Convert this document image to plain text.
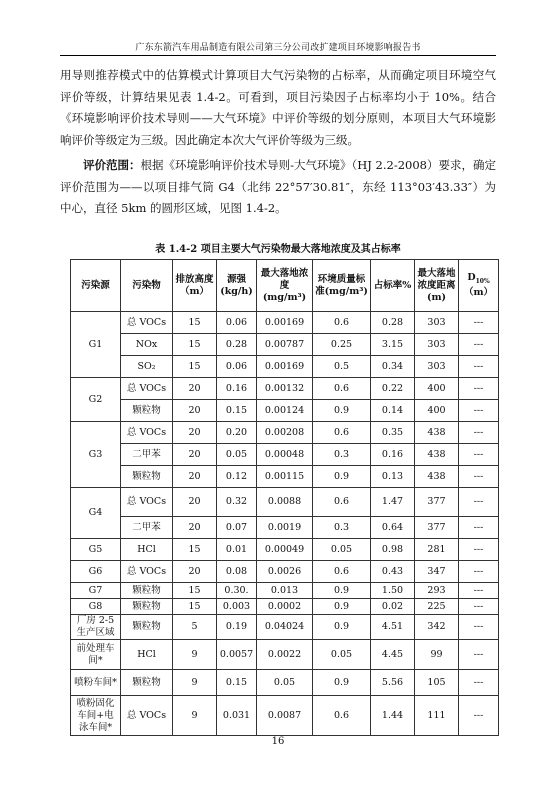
广东东箭汽车用品制造有限公司第三分公司改扩建项目环境影响报告书
用导则推荐模式中的估算模式计算项目大气污染物的占标率，从而确定项目环境空气评价等级，计算结果见表 1.4-2。可看到，项目污染因子占标率均小于 10%。结合《环境影响评价技术导则——大气环境》中评价等级的划分原则，本项目大气环境影响评价等级定为三级。因此确定本次大气评价等级为三级。
评价范围：根据《环境影响评价技术导则-大气环境》（HJ 2.2-2008）要求，确定评价范围为——以项目排气筒 G4（北纬 22°57′30.81″，东经 113°03′43.33″）为中心，直径 5km 的圆形区域，见图 1.4-2。
表 1.4-2 项目主要大气污染物最大落地浓度及其占标率
污染源	污染物	排放高度（m）	源强(kg/h)	最大落地浓度(mg/m³)	环境质量标准(mg/m³)	占标率%	最大落地浓度距离(m)	$D_{10\%}$
（m）
G1	总 VOCs	15	0.06	0.00169	0.6	0.28	303	---
	NOx	15	0.28	0.00787	0.25	3.15	303	---
	SO₂	15	0.06	0.00169	0.5	0.34	303	---
G2	总 VOCs	20	0.16	0.00132	0.6	0.22	400	---
	颗粒物	20	0.15	0.00124	0.9	0.14	400	---
G3	总 VOCs	20	0.20	0.00208	0.6	0.35	438	---
	二甲苯	20	0.05	0.00048	0.3	0.16	438	---
	颗粒物	20	0.12	0.00115	0.9	0.13	438	---
G4	总 VOCs	20	0.32	0.0088	0.6	1.47	377	---
	二甲苯	20	0.07	0.0019	0.3	0.64	377	---
G5	HCl	15	0.01	0.00049	0.05	0.98	281	---
G6	总 VOCs	20	0.08	0.0026	0.6	0.43	347	---
G7	颗粒物	15	0.30.	0.013	0.9	1.50	293	---
G8	颗粒物	15	0.003	0.0002	0.9	0.02	225	---
厂房 2-5 生产区域	颗粒物	5	0.19	0.04024	0.9	4.51	342	---
前处理车间*	HCl	9	0.0057	0.0022	0.05	4.45	99	---
喷粉车间*	颗粒物	9	0.15	0.05	0.9	5.56	105	---
喷粉固化车间+电泳车间*	总 VOCs	9	0.031	0.0087	0.6	1.44	111	---
16
